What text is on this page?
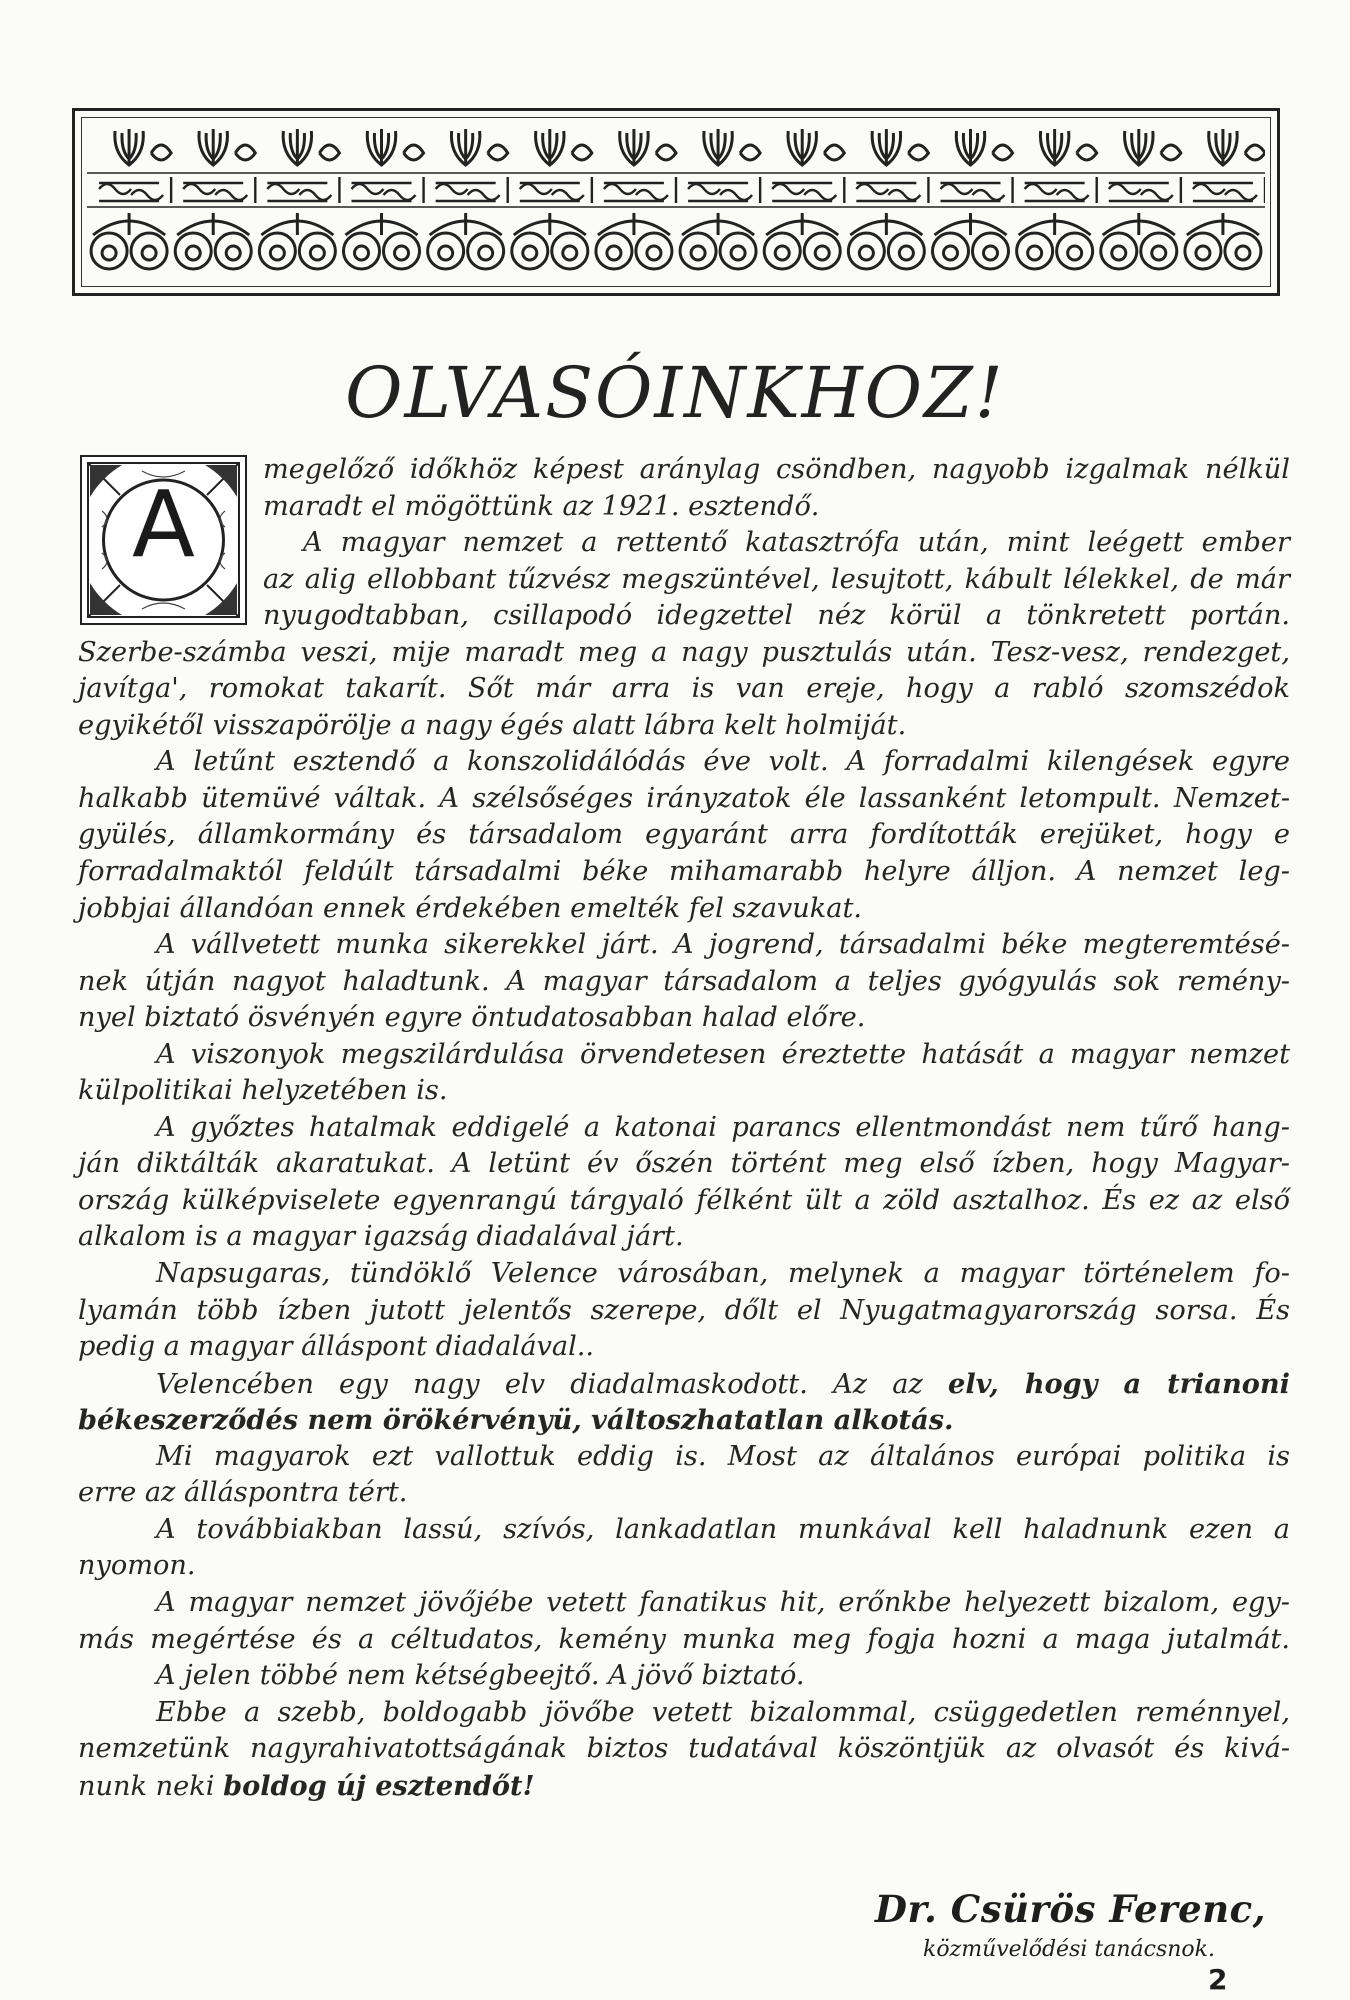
OLVASÓINKHOZ!
A
megelőző időkhöz képest aránylag csöndben, nagyobb izgalmak nélkül
maradt el mögöttünk az 1921. esztendő.
A magyar nemzet a rettentő katasztrófa után, mint leégett ember
az alig ellobbant tűzvész megszüntével, lesujtott, kábult lélekkel, de már
nyugodtabban, csillapodó idegzettel néz körül a tönkretett portán.
Szerbe-számba veszi, mije maradt meg a nagy pusztulás után. Tesz-vesz, rendezget,
javítga', romokat takarít. Sőt már arra is van ereje, hogy a rabló szomszédok
egyikétől visszapörölje a nagy égés alatt lábra kelt holmiját.
A letűnt esztendő a konszolidálódás éve volt. A forradalmi kilengések egyre
halkabb ütemüvé váltak. A szélsőséges irányzatok éle lassanként letompult. Nemzet-
gyülés, államkormány és társadalom egyaránt arra fordították erejüket, hogy e
forradalmaktól feldúlt társadalmi béke mihamarabb helyre álljon. A nemzet leg-
jobbjai állandóan ennek érdekében emelték fel szavukat.
A vállvetett munka sikerekkel járt. A jogrend, társadalmi béke megteremtésé-
nek útján nagyot haladtunk. A magyar társadalom a teljes gyógyulás sok remény-
nyel biztató ösvényén egyre öntudatosabban halad előre.
A viszonyok megszilárdulása örvendetesen éreztette hatását a magyar nemzet
külpolitikai helyzetében is.
A győztes hatalmak eddigelé a katonai parancs ellentmondást nem tűrő hang-
ján diktálták akaratukat. A letünt év őszén történt meg első ízben, hogy Magyar-
ország külképviselete egyenrangú tárgyaló félként ült a zöld asztalhoz. És ez az első
alkalom is a magyar igazság diadalával járt.
Napsugaras, tündöklő Velence városában, melynek a magyar történelem fo-
lyamán több ízben jutott jelentős szerepe, dőlt el Nyugatmagyarország sorsa. És
pedig a magyar álláspont diadalával..
Velencében egy nagy elv diadalmaskodott. Az az elv, hogy a trianoni
békeszerződés nem örökérvényü, váltoszhatatlan alkotás.
Mi magyarok ezt vallottuk eddig is. Most az általános európai politika is
erre az álláspontra tért.
A továbbiakban lassú, szívós, lankadatlan munkával kell haladnunk ezen a
nyomon.
A magyar nemzet jövőjébe vetett fanatikus hit, erőnkbe helyezett bizalom, egy-
más megértése és a céltudatos, kemény munka meg fogja hozni a maga jutalmát.
A jelen többé nem kétségbeejtő. A jövő biztató.
Ebbe a szebb, boldogabb jövőbe vetett bizalommal, csüggedetlen reménnyel,
nemzetünk nagyrahivatottságának biztos tudatával köszöntjük az olvasót és kivá-
nunk neki boldog új esztendőt!
Dr. Csürös Ferenc,
közművelődési tanácsnok.
2
